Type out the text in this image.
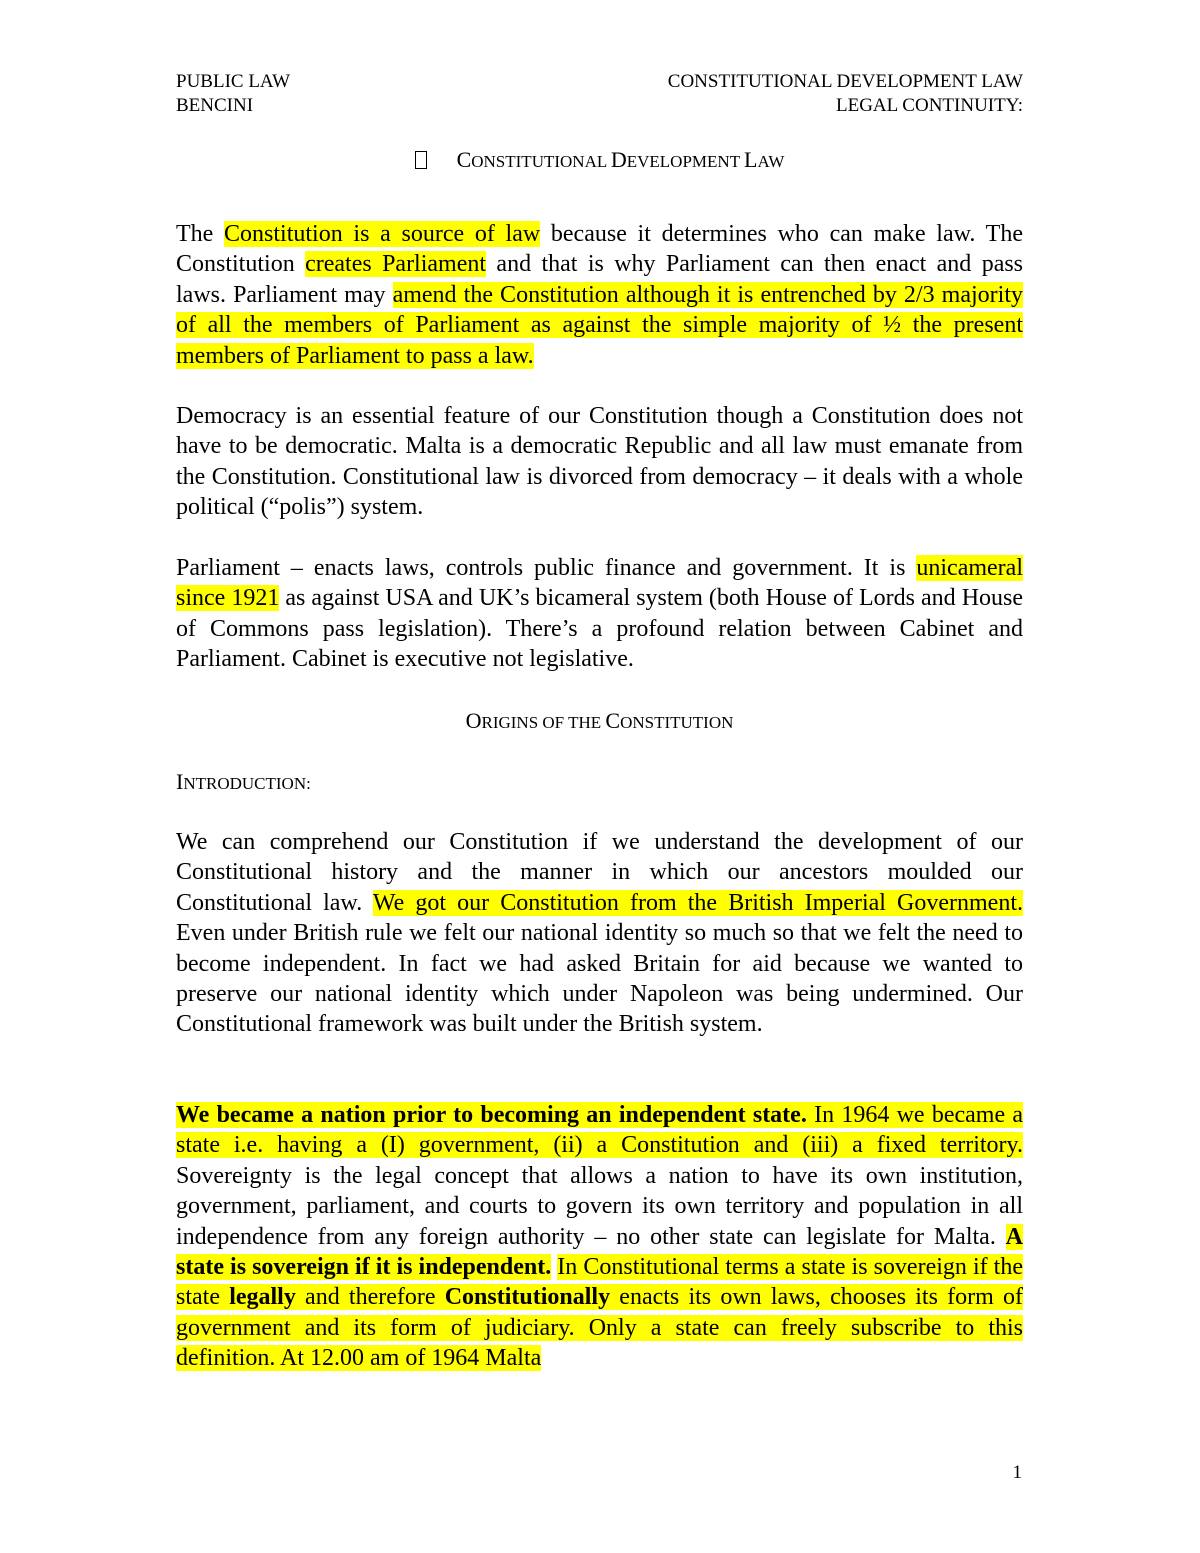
PUBLIC LAW
BENCINI
CONSTITUTIONAL DEVELOPMENT LAW
LEGAL CONTINUITY:
CONSTITUTIONAL DEVELOPMENT LAW
The Constitution is a source of law because it determines who can make law. The Constitution creates Parliament and that is why Parliament can then enact and pass laws. Parliament may amend the Constitution although it is entrenched by 2/3 majority of all the members of Parliament as against the simple majority of ½ the present members of Parliament to pass a law.
Democracy is an essential feature of our Constitution though a Constitution does not have to be democratic. Malta is a democratic Republic and all law must emanate from the Constitution. Constitutional law is divorced from democracy – it deals with a whole political (“polis”) system.
Parliament – enacts laws, controls public finance and government. It is unicameral since 1921 as against USA and UK’s bicameral system (both House of Lords and House of Commons pass legislation). There’s a profound relation between Cabinet and Parliament. Cabinet is executive not legislative.
ORIGINS OF THE CONSTITUTION
INTRODUCTION:
We can comprehend our Constitution if we understand the development of our Constitutional history and the manner in which our ancestors moulded our Constitutional law. We got our Constitution from the British Imperial Government. Even under British rule we felt our national identity so much so that we felt the need to become independent. In fact we had asked Britain for aid because we wanted to preserve our national identity which under Napoleon was being undermined. Our Constitutional framework was built under the British system.
We became a nation prior to becoming an independent state. In 1964 we became a state i.e. having a (I) government, (ii) a Constitution and (iii) a fixed territory. Sovereignty is the legal concept that allows a nation to have its own institution, government, parliament, and courts to govern its own territory and population in all independence from any foreign authority – no other state can legislate for Malta. A state is sovereign if it is independent. In Constitutional terms a state is sovereign if the state legally and therefore Constitutionally enacts its own laws, chooses its form of government and its form of judiciary. Only a state can freely subscribe to this definition. At 12.00 am of 1964 Malta
1
